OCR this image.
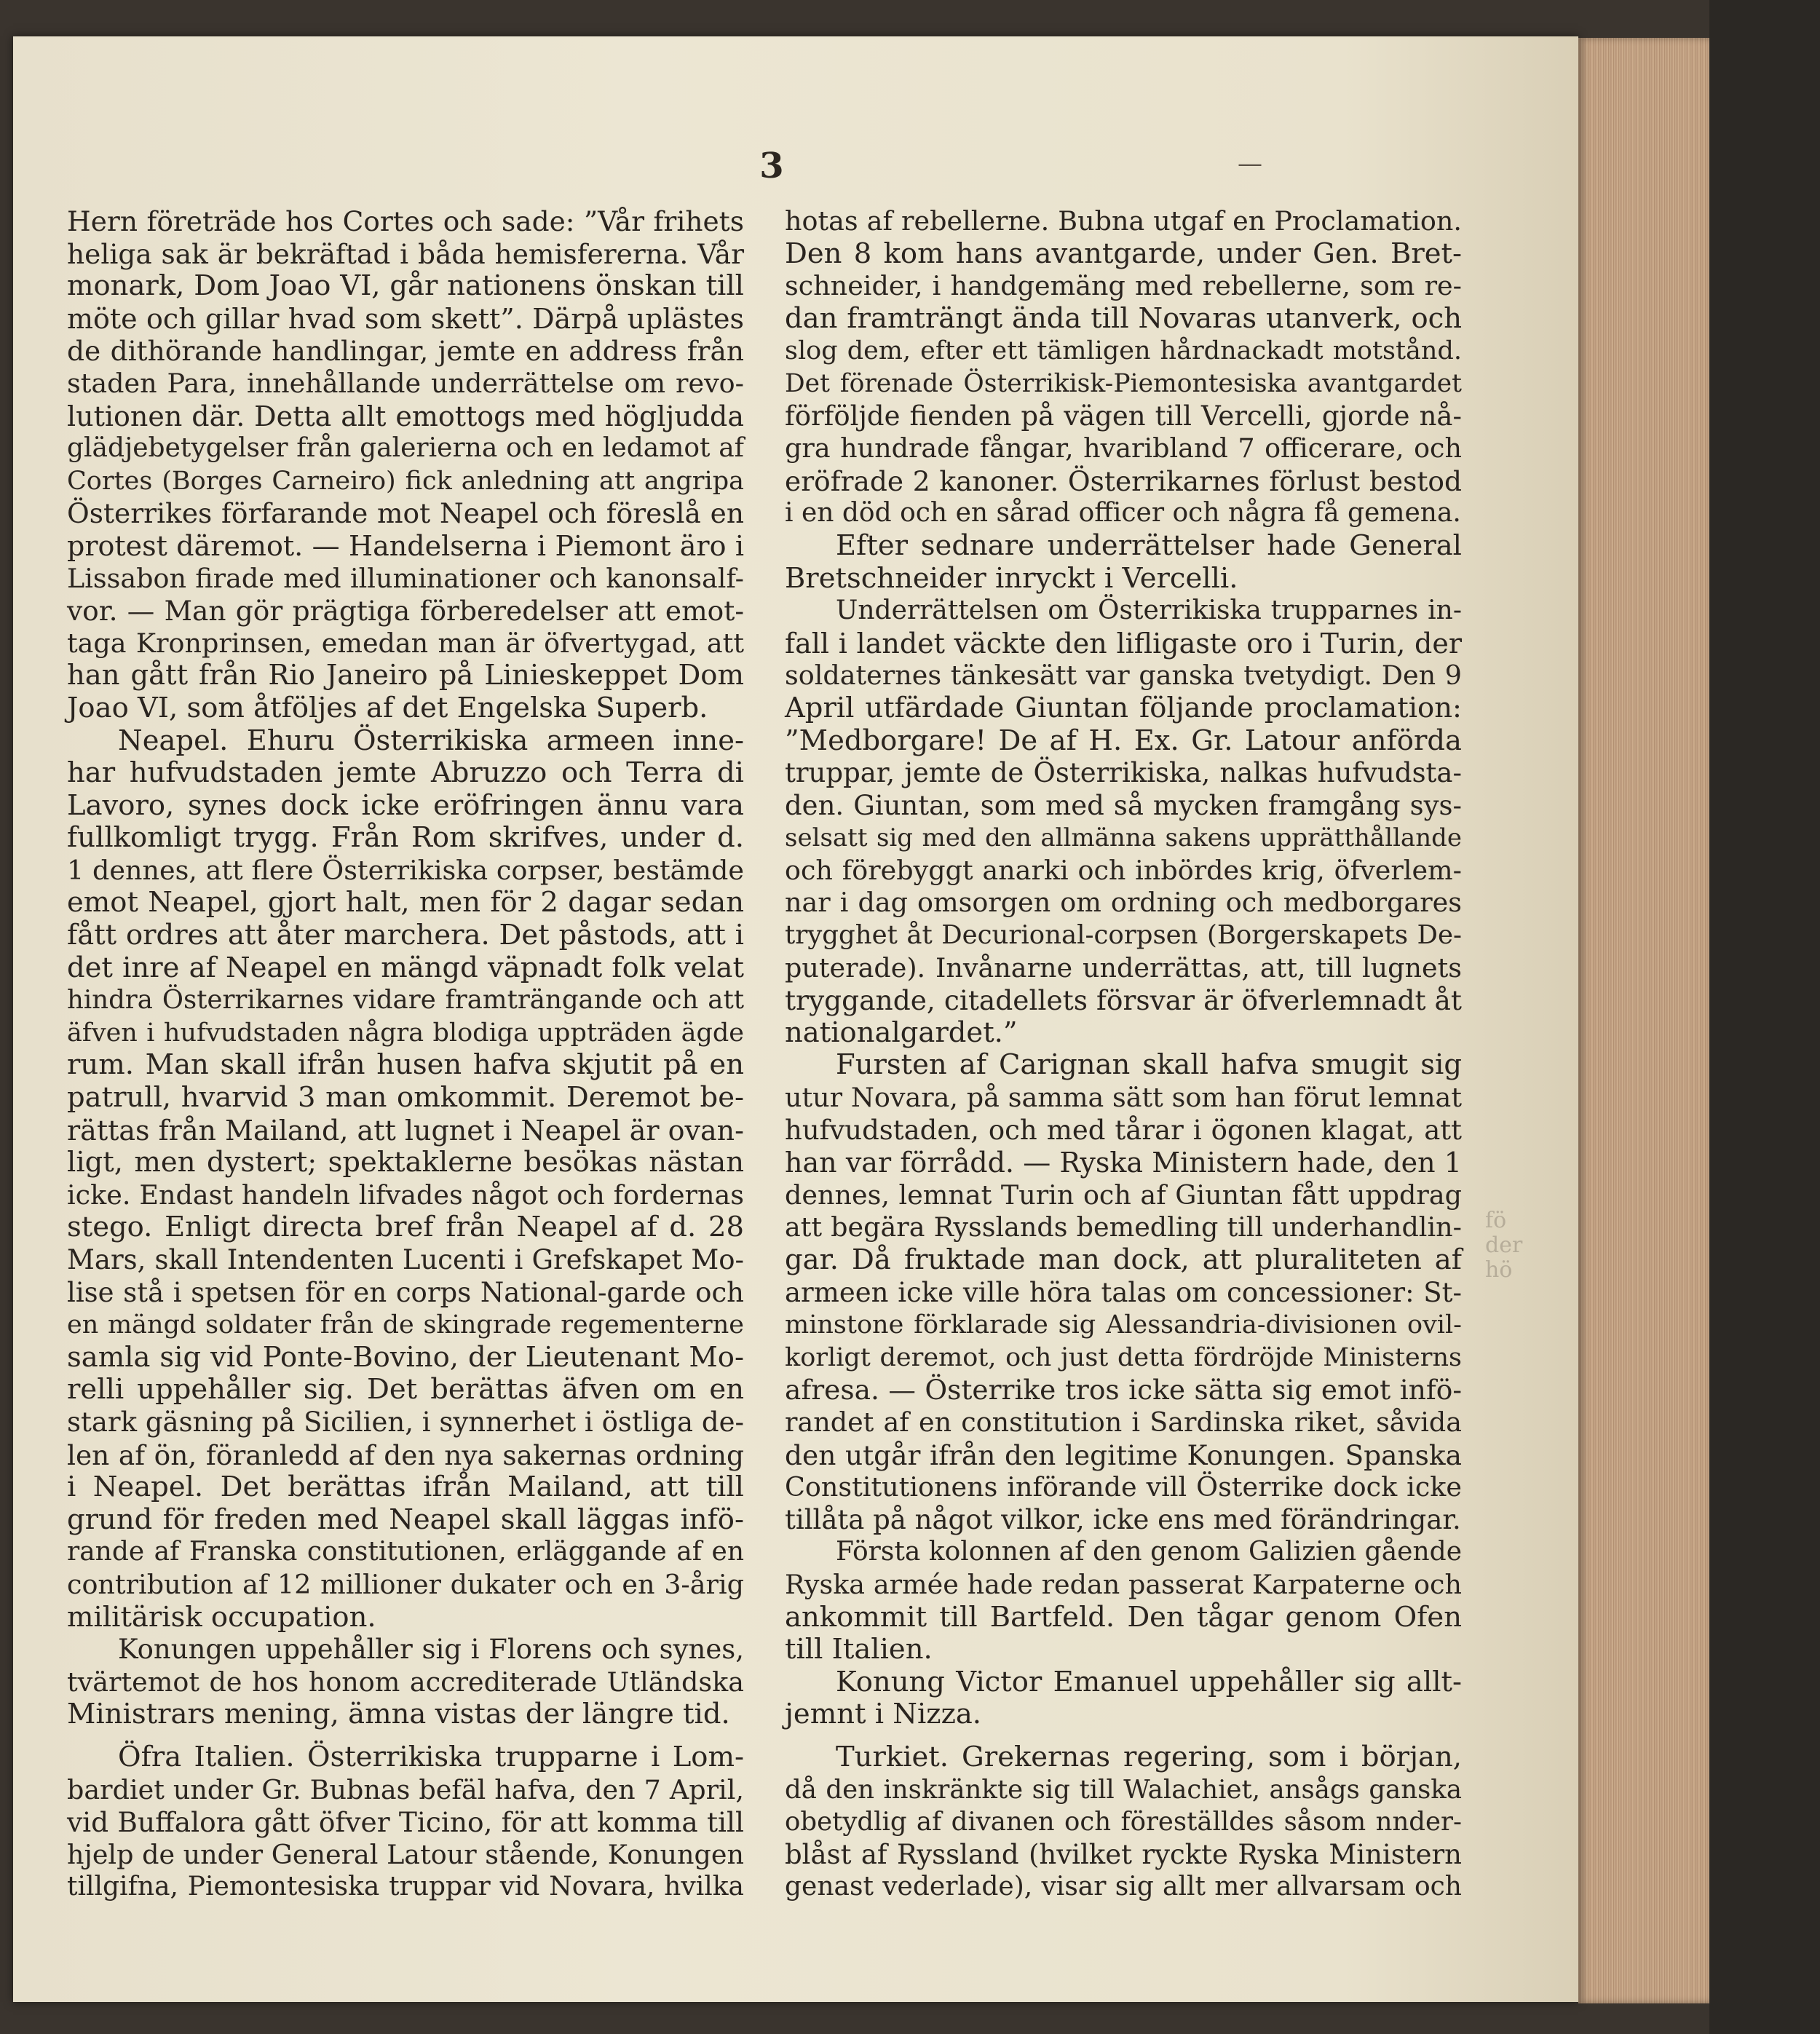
3	—

Hern företräde hos Cortes och sade: ”Vår frihets

heliga sak är bekräftad i båda hemisfererna. Vår

monark, Dom Joao VI, går nationens önskan till

möte och gillar hvad som skett”. Därpå uplästes

de dithörande handlingar, jemte en address från

staden Para, innehållande underrättelse om revo-

lutionen där. Detta allt emottogs med högljudda

glädjebetygelser från galerierna och en ledamot af

Cortes (Borges Carneiro) fick anledning att angripa

Österrikes förfarande mot Neapel och föreslå en

protest däremot. — Handelserna i Piemont äro i

Lissabon firade med illuminationer och kanonsalf-

vor. — Man gör prägtiga förberedelser att emot-

taga Kronprinsen, emedan man är öfvertygad, att

han gått från Rio Janeiro på Linieskeppet Dom

Joao VI, som åtföljes af det Engelska Superb.

Neapel. Ehuru Österrikiska armeen inne-

har hufvudstaden jemte Abruzzo och Terra di

Lavoro, synes dock icke eröfringen ännu vara

fullkomligt trygg. Från Rom skrifves, under d.

1 dennes, att flere Österrikiska corpser, bestämde

emot Neapel, gjort halt, men för 2 dagar sedan

fått ordres att åter marchera. Det påstods, att i

det inre af Neapel en mängd väpnadt folk velat

hindra Österrikarnes vidare framträngande och att

äfven i hufvudstaden några blodiga uppträden ägde

rum. Man skall ifrån husen hafva skjutit på en

patrull, hvarvid 3 man omkommit. Deremot be-

rättas från Mailand, att lugnet i Neapel är ovan-

ligt, men dystert; spektaklerne besökas nästan

icke. Endast handeln lifvades något och fordernas

stego. Enligt directa bref från Neapel af d. 28

Mars, skall Intendenten Lucenti i Grefskapet Mo-

lise stå i spetsen för en corps National-garde och

en mängd soldater från de skingrade regementerne

samla sig vid Ponte-Bovino, der Lieutenant Mo-

relli uppehåller sig. Det berättas äfven om en

stark gäsning på Sicilien, i synnerhet i östliga de-

len af ön, föranledd af den nya sakernas ordning

i Neapel. Det berättas ifrån Mailand, att till

grund för freden med Neapel skall läggas infö-

rande af Franska constitutionen, erläggande af en

contribution af 12 millioner dukater och en 3-årig

militärisk occupation.

Konungen uppehåller sig i Florens och synes,

tvärtemot de hos honom accrediterade Utländska

Ministrars mening, ämna vistas der längre tid.

Öfra Italien. Österrikiska trupparne i Lom-

bardiet under Gr. Bubnas befäl hafva, den 7 April,

vid Buffalora gått öfver Ticino, för att komma till

hjelp de under General Latour stående, Konungen

tillgifna, Piemontesiska truppar vid Novara, hvilka

hotas af rebellerne. Bubna utgaf en Proclamation.

Den 8 kom hans avantgarde, under Gen. Bret-

schneider, i handgemäng med rebellerne, som re-

dan framträngt ända till Novaras utanverk, och

slog dem, efter ett tämligen hårdnackadt motstånd.

Det förenade Österrikisk-Piemontesiska avantgardet

förföljde fienden på vägen till Vercelli, gjorde nå-

gra hundrade fångar, hvaribland 7 officerare, och

eröfrade 2 kanoner. Österrikarnes förlust bestod

i en död och en sårad officer och några få gemena.

Efter sednare underrättelser hade General

Bretschneider inryckt i Vercelli.

Underrättelsen om Österrikiska trupparnes in-

fall i landet väckte den lifligaste oro i Turin, der

soldaternes tänkesätt var ganska tvetydigt. Den 9

April utfärdade Giuntan följande proclamation:

”Medborgare! De af H. Ex. Gr. Latour anförda

truppar, jemte de Österrikiska, nalkas hufvudsta-

den. Giuntan, som med så mycken framgång sys-

selsatt sig med den allmänna sakens upprätthållande

och förebyggt anarki och inbördes krig, öfverlem-

nar i dag omsorgen om ordning och medborgares

trygghet åt Decurional-corpsen (Borgerskapets De-

puterade). Invånarne underrättas, att, till lugnets

tryggande, citadellets försvar är öfverlemnadt åt

nationalgardet.”

Fursten af Carignan skall hafva smugit sig

utur Novara, på samma sätt som han förut lemnat

hufvudstaden, och med tårar i ögonen klagat, att

han var förrådd. — Ryska Ministern hade, den 1

dennes, lemnat Turin och af Giuntan fått uppdrag

att begära Rysslands bemedling till underhandlin-

gar. Då fruktade man dock, att pluraliteten af

armeen icke ville höra talas om concessioner: St-

minstone förklarade sig Alessandria-divisionen ovil-

korligt deremot, och just detta fördröjde Ministerns

afresa. — Österrike tros icke sätta sig emot infö-

randet af en constitution i Sardinska riket, såvida

den utgår ifrån den legitime Konungen. Spanska

Constitutionens införande vill Österrike dock icke

tillåta på något vilkor, icke ens med förändringar.

Första kolonnen af den genom Galizien gående

Ryska armée hade redan passerat Karpaterne och

ankommit till Bartfeld. Den tågar genom Ofen

till Italien.

Konung Victor Emanuel uppehåller sig allt-

jemnt i Nizza.

Turkiet. Grekernas regering, som i början,

då den inskränkte sig till Walachiet, ansågs ganska

obetydlig af divanen och föreställdes såsom nnder-

blåst af Ryssland (hvilket ryckte Ryska Ministern

genast vederlade), visar sig allt mer allvarsam och

fö
der
hö
